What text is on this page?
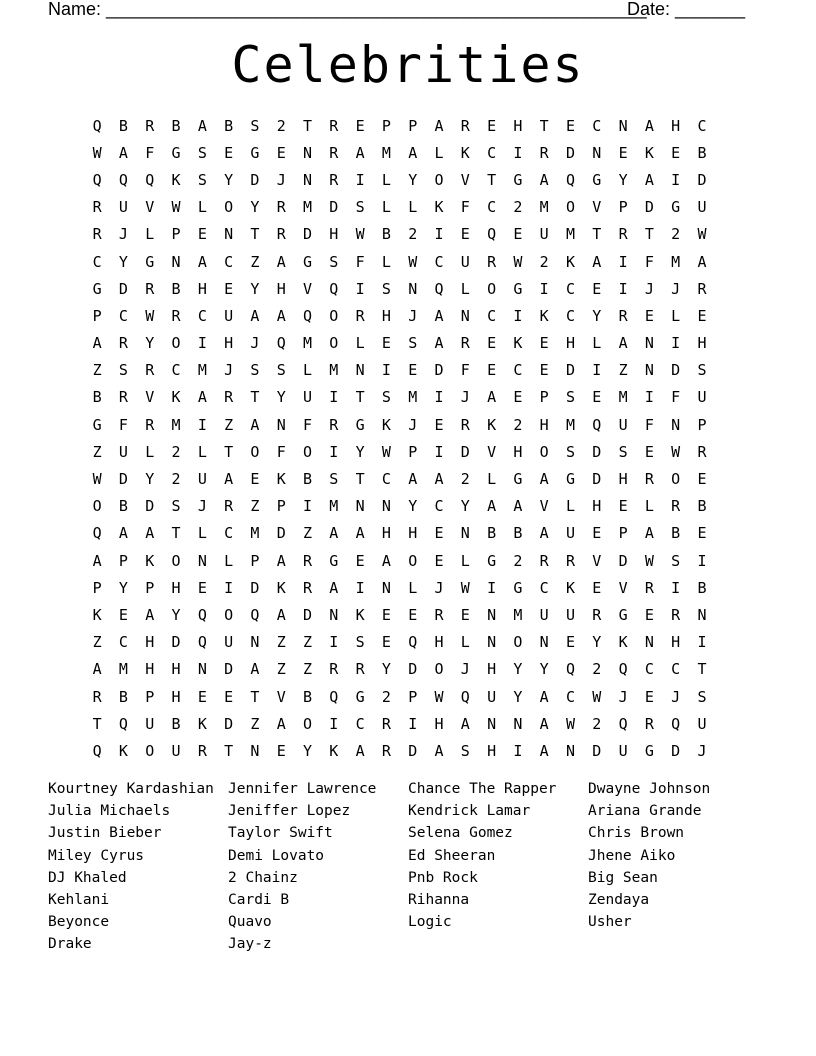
Name: ______________________________________________________
Date: _______
Celebrities
Q	B	R	B	A	B	S	2	T	R	E	P	P	A	R	E	H	T	E	C	N	A	H	C
W	A	F	G	S	E	G	E	N	R	A	M	A	L	K	C	I	R	D	N	E	K	E	B
Q	Q	Q	K	S	Y	D	J	N	R	I	L	Y	O	V	T	G	A	Q	G	Y	A	I	D
R	U	V	W	L	O	Y	R	M	D	S	L	L	K	F	C	2	M	O	V	P	D	G	U
R	J	L	P	E	N	T	R	D	H	W	B	2	I	E	Q	E	U	M	T	R	T	2	W
C	Y	G	N	A	C	Z	A	G	S	F	L	W	C	U	R	W	2	K	A	I	F	M	A
G	D	R	B	H	E	Y	H	V	Q	I	S	N	Q	L	O	G	I	C	E	I	J	J	R
P	C	W	R	C	U	A	A	Q	O	R	H	J	A	N	C	I	K	C	Y	R	E	L	E
A	R	Y	O	I	H	J	Q	M	O	L	E	S	A	R	E	K	E	H	L	A	N	I	H
Z	S	R	C	M	J	S	S	L	M	N	I	E	D	F	E	C	E	D	I	Z	N	D	S
B	R	V	K	A	R	T	Y	U	I	T	S	M	I	J	A	E	P	S	E	M	I	F	U
G	F	R	M	I	Z	A	N	F	R	G	K	J	E	R	K	2	H	M	Q	U	F	N	P
Z	U	L	2	L	T	O	F	O	I	Y	W	P	I	D	V	H	O	S	D	S	E	W	R
W	D	Y	2	U	A	E	K	B	S	T	C	A	A	2	L	G	A	G	D	H	R	O	E
O	B	D	S	J	R	Z	P	I	M	N	N	Y	C	Y	A	A	V	L	H	E	L	R	B
Q	A	A	T	L	C	M	D	Z	A	A	H	H	E	N	B	B	A	U	E	P	A	B	E
A	P	K	O	N	L	P	A	R	G	E	A	O	E	L	G	2	R	R	V	D	W	S	I
P	Y	P	H	E	I	D	K	R	A	I	N	L	J	W	I	G	C	K	E	V	R	I	B
K	E	A	Y	Q	O	Q	A	D	N	K	E	E	R	E	N	M	U	U	R	G	E	R	N
Z	C	H	D	Q	U	N	Z	Z	I	S	E	Q	H	L	N	O	N	E	Y	K	N	H	I
A	M	H	H	N	D	A	Z	Z	R	R	Y	D	O	J	H	Y	Y	Q	2	Q	C	C	T
R	B	P	H	E	E	T	V	B	Q	G	2	P	W	Q	U	Y	A	C	W	J	E	J	S
T	Q	U	B	K	D	Z	A	O	I	C	R	I	H	A	N	N	A	W	2	Q	R	Q	U
Q	K	O	U	R	T	N	E	Y	K	A	R	D	A	S	H	I	A	N	D	U	G	D	J
Kourtney Kardashian
Julia Michaels
Justin Bieber
Miley Cyrus
DJ Khaled
Kehlani
Beyonce
Drake
Jennifer Lawrence
Jeniffer Lopez
Taylor Swift
Demi Lovato
2 Chainz
Cardi B
Quavo
Jay-z
Chance The Rapper
Kendrick Lamar
Selena Gomez
Ed Sheeran
Pnb Rock
Rihanna
Logic
Dwayne Johnson
Ariana Grande
Chris Brown
Jhene Aiko
Big Sean
Zendaya
Usher
